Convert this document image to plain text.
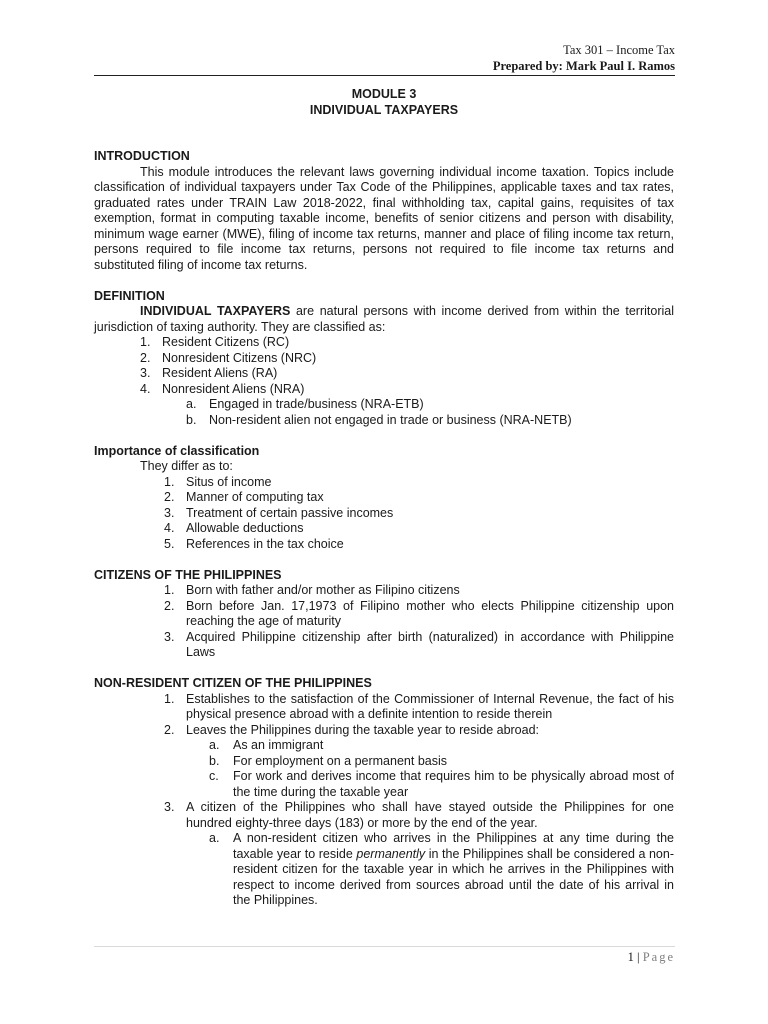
Tax 301 – Income Tax
Prepared by: Mark Paul I. Ramos
MODULE 3
INDIVIDUAL TAXPAYERS

INTRODUCTION

This module introduces the relevant laws governing individual income taxation. Topics include classification of individual taxpayers under Tax Code of the Philippines, applicable taxes and tax rates, graduated rates under TRAIN Law 2018-2022, final withholding tax, capital gains, requisites of tax exemption, format in computing taxable income, benefits of senior citizens and person with disability, minimum wage earner (MWE), filing of income tax returns, manner and place of filing income tax return, persons required to file income tax returns, persons not required to file income tax returns and substituted filing of income tax returns.

DEFINITION

INDIVIDUAL TAXPAYERS are natural persons with income derived from within the territorial jurisdiction of taxing authority. They are classified as:

1. Resident Citizens (RC)
2. Nonresident Citizens (NRC)
3. Resident Aliens (RA)
4. Nonresident Aliens (NRA)
a. Engaged in trade/business (NRA-ETB)
b. Non-resident alien not engaged in trade or business (NRA-NETB)

Importance of classification

They differ as to:

1. Situs of income
2. Manner of computing tax
3. Treatment of certain passive incomes
4. Allowable deductions
5. References in the tax choice

CITIZENS OF THE PHILIPPINES

1. Born with father and/or mother as Filipino citizens
2. Born before Jan. 17,1973 of Filipino mother who elects Philippine citizenship upon reaching the age of maturity
3. Acquired Philippine citizenship after birth (naturalized) in accordance with Philippine Laws

NON-RESIDENT CITIZEN OF THE PHILIPPINES

1. Establishes to the satisfaction of the Commissioner of Internal Revenue, the fact of his physical presence abroad with a definite intention to reside therein
2. Leaves the Philippines during the taxable year to reside abroad:
a. As an immigrant
b. For employment on a permanent basis
c. For work and derives income that requires him to be physically abroad most of the time during the taxable year
3. A citizen of the Philippines who shall have stayed outside the Philippines for one hundred eighty-three days (183) or more by the end of the year.
a. A non-resident citizen who arrives in the Philippines at any time during the taxable year to reside permanently in the Philippines shall be considered a non-resident citizen for the taxable year in which he arrives in the Philippines with respect to income derived from sources abroad until the date of his arrival in the Philippines.
1 | Page
